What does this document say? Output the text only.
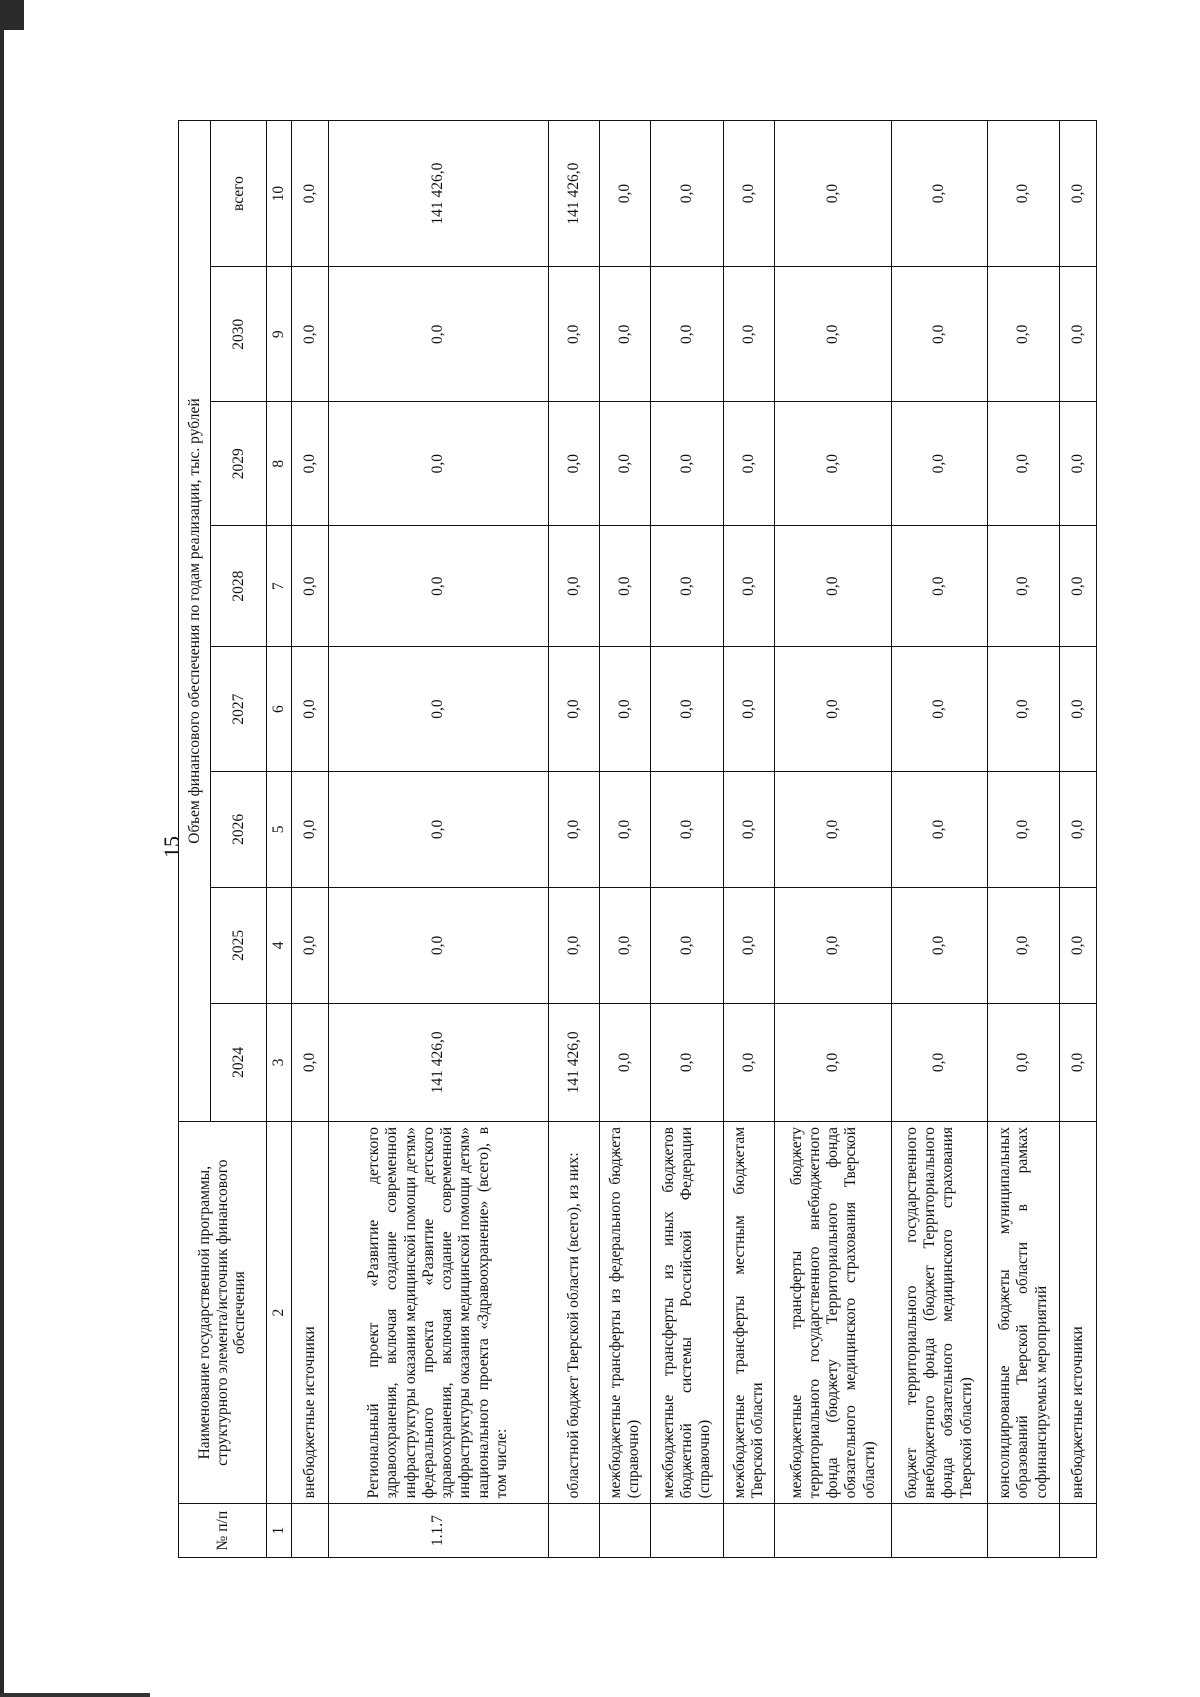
15
№ п/п	Наименование государственной программы, структурного элемента/источник финансового обеспечения	Объем финансового обеспечения по годам реализации, тыс. рублей							
		2024	2025	2026	2027	2028	2029	2030	всего
1	2	3	4	5	6	7	8	9	10
	внебюджетные источники	0,0	0,0	0,0	0,0	0,0	0,0	0,0	0,0
1.1.7	Региональный проект «Развитие детского здравоохранения, включая создание современной инфраструктуры оказания медицинской помощи детям» федерального проекта «Развитие детского здравоохранения, включая создание современной инфраструктуры оказания медицинской помощи детям» национального проекта «Здравоохранение» (всего), в том числе:	141 426,0	0,0	0,0	0,0	0,0	0,0	0,0	141 426,0
	областной бюджет Тверской области (всего), из них:	141 426,0	0,0	0,0	0,0	0,0	0,0	0,0	141 426,0
	межбюджетные трансферты из федерального бюджета (справочно)	0,0	0,0	0,0	0,0	0,0	0,0	0,0	0,0
	межбюджетные трансферты из иных бюджетов бюджетной системы Российской Федерации (справочно)	0,0	0,0	0,0	0,0	0,0	0,0	0,0	0,0
	межбюджетные трансферты местным бюджетам Тверской области	0,0	0,0	0,0	0,0	0,0	0,0	0,0	0,0
	межбюджетные трансферты бюджету территориального государственного внебюджетного фонда (бюджету Территориального фонда обязательного медицинского страхования Тверской области)	0,0	0,0	0,0	0,0	0,0	0,0	0,0	0,0
	бюджет территориального государственного внебюджетного фонда (бюджет Территориального фонда обязательного медицинского страхования Тверской области)	0,0	0,0	0,0	0,0	0,0	0,0	0,0	0,0
	консолидированные бюджеты муниципальных образований Тверской области в рамках софинансируемых мероприятий	0,0	0,0	0,0	0,0	0,0	0,0	0,0	0,0
	внебюджетные источники	0,0	0,0	0,0	0,0	0,0	0,0	0,0	0,0
